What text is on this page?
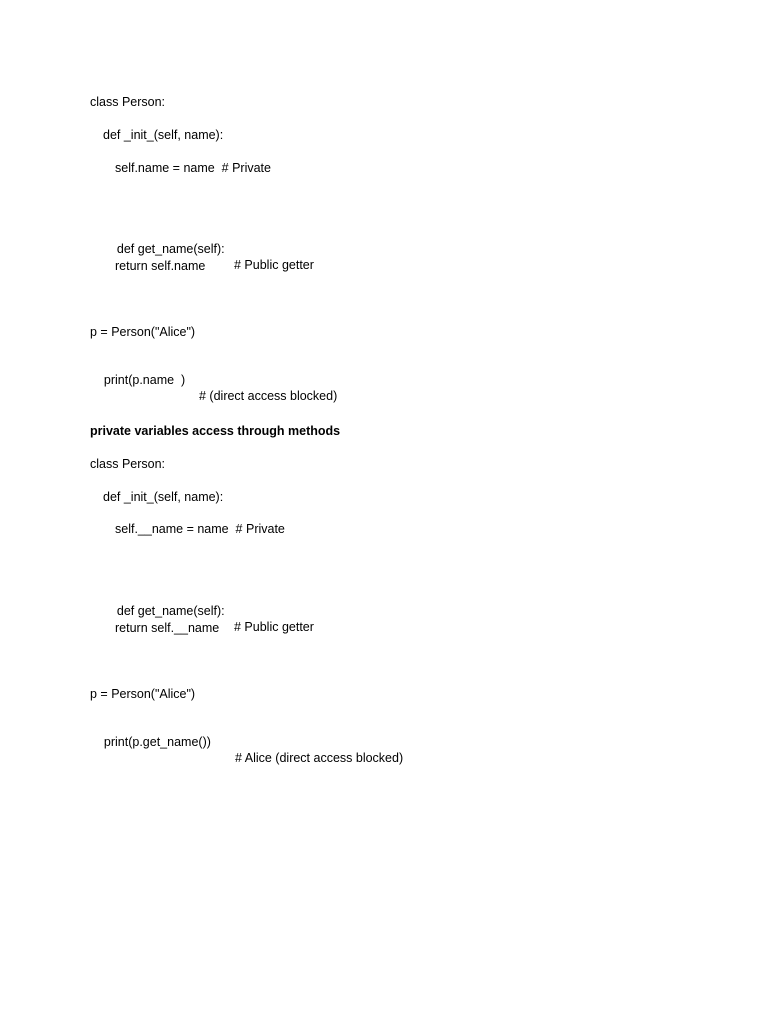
class Person:
def _init_(self, name):
self.name = name  # Private

def get_name(self):

# Public getter

return self.name
p = Person("Alice")

print(p.name  )

# (direct access blocked)

private variables access through methods
class Person:
def _init_(self, name):
self.__name = name  # Private

def get_name(self):

# Public getter

return self.__name
p = Person("Alice")

print(p.get_name())

# Alice (direct access blocked)
